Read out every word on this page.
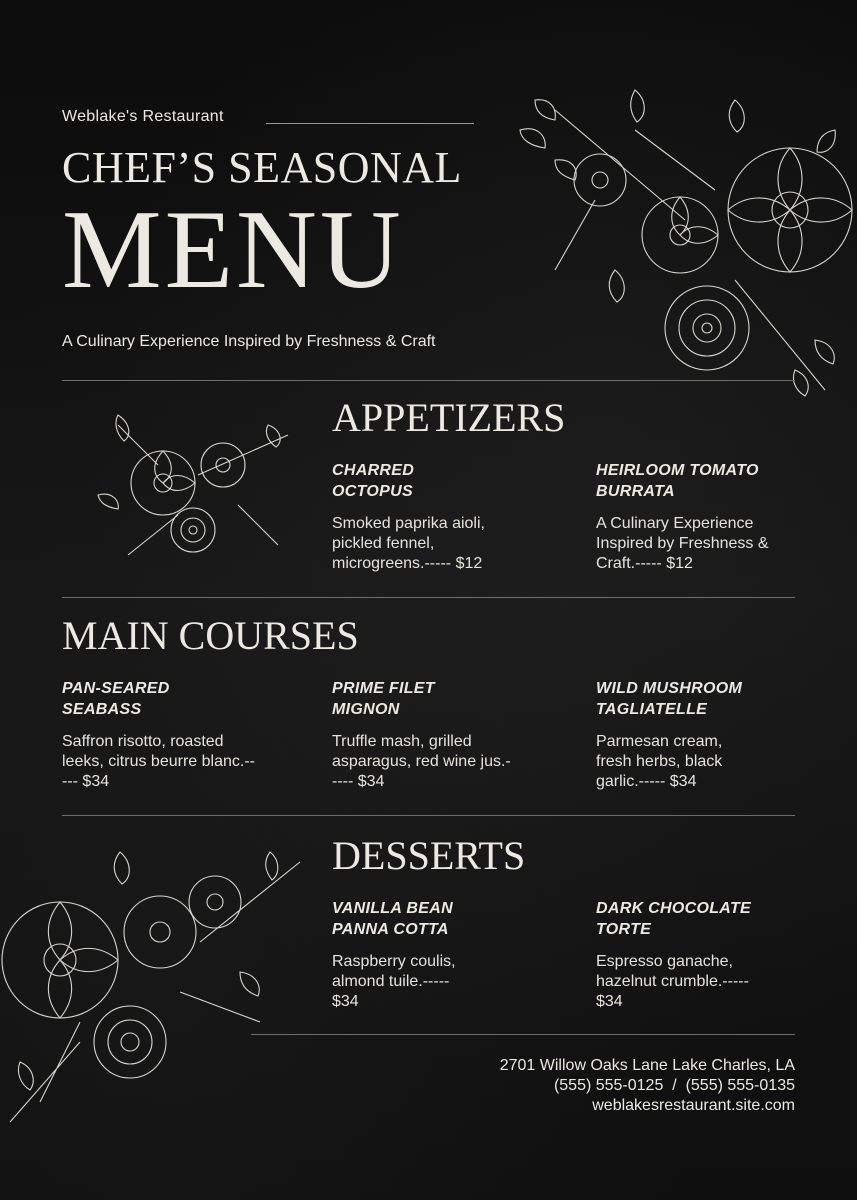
Weblake's Restaurant
CHEF’S SEASONAL
MENU
A Culinary Experience Inspired by Freshness & Craft
APPETIZERS
CHARRED OCTOPUS
Smoked paprika aioli, pickled fennel, microgreens.----- $12
HEIRLOOM TOMATO BURRATA
A Culinary Experience Inspired by Freshness & Craft.----- $12
MAIN COURSES
PAN-SEARED SEABASS
Saffron risotto, roasted leeks, citrus beurre blanc.----- $34
PRIME FILET MIGNON
Truffle mash, grilled asparagus, red wine jus.----- $34
WILD MUSHROOM TAGLIATELLE
Parmesan cream, fresh herbs, black garlic.----- $34
DESSERTS
VANILLA BEAN PANNA COTTA
Raspberry coulis, almond tuile.----- $34
DARK CHOCOLATE TORTE
Espresso ganache, hazelnut crumble.----- $34
2701 Willow Oaks Lane Lake Charles, LA
(555) 555-0125  /  (555) 555-0135
weblakesrestaurant.site.com
